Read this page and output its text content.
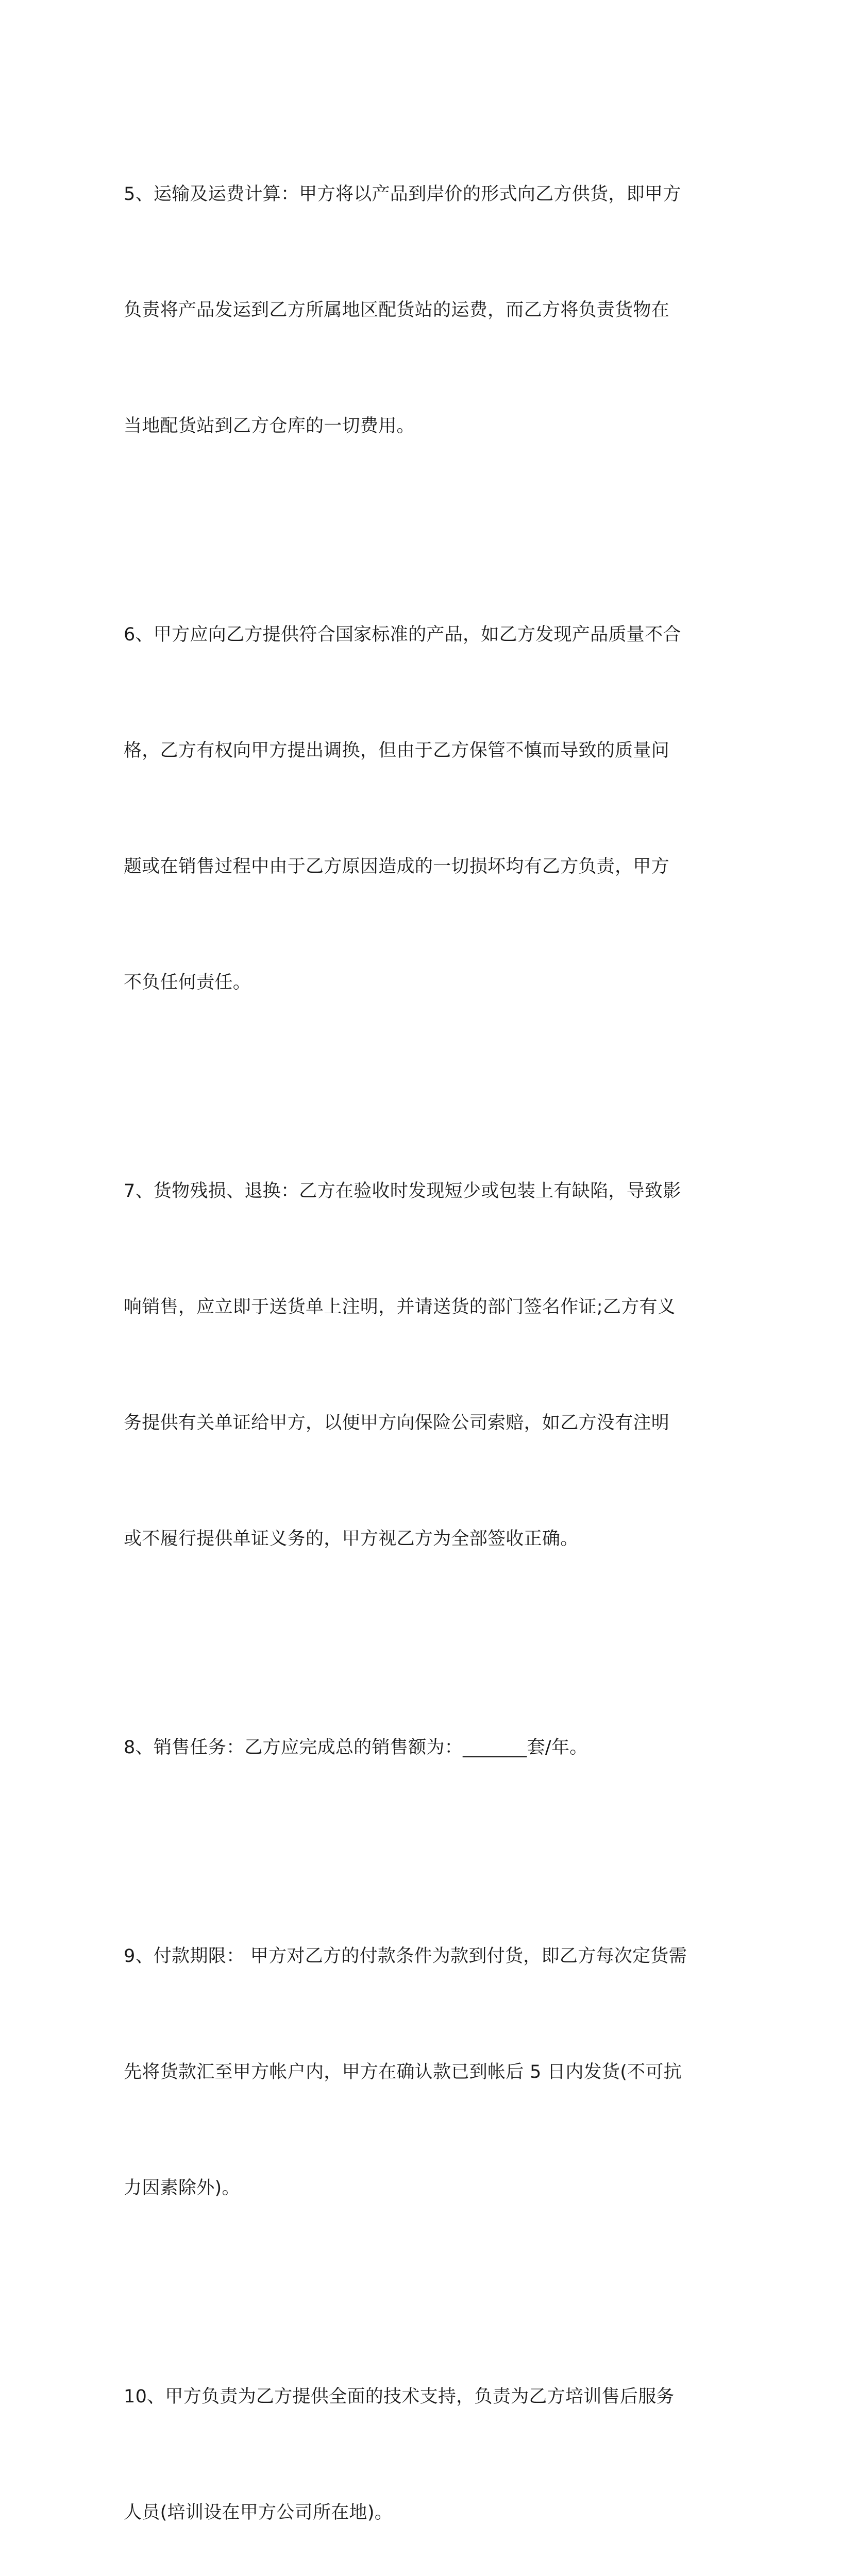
5、运输及运费计算：甲方将以产品到岸价的形式向乙方供货，即甲方

负责将产品发运到乙方所属地区配货站的运费，而乙方将负责货物在

当地配货站到乙方仓库的一切费用。

6、甲方应向乙方提供符合国家标准的产品，如乙方发现产品质量不合

格，乙方有权向甲方提出调换，但由于乙方保管不慎而导致的质量问

题或在销售过程中由于乙方原因造成的一切损坏均有乙方负责，甲方

不负任何责任。

7、货物残损、退换：乙方在验收时发现短少或包装上有缺陷，导致影

响销售，应立即于送货单上注明，并请送货的部门签名作证;乙方有义

务提供有关单证给甲方，以便甲方向保险公司索赔，如乙方没有注明

或不履行提供单证义务的，甲方视乙方为全部签收正确。

8、销售任务：乙方应完成总的销售额为：_______套/年。

9、付款期限： 甲方对乙方的付款条件为款到付货，即乙方每次定货需

先将货款汇至甲方帐户内，甲方在确认款已到帐后 5 日内发货(不可抗

力因素除外)。

10、甲方负责为乙方提供全面的技术支持，负责为乙方培训售后服务

人员(培训设在甲方公司所在地)。
